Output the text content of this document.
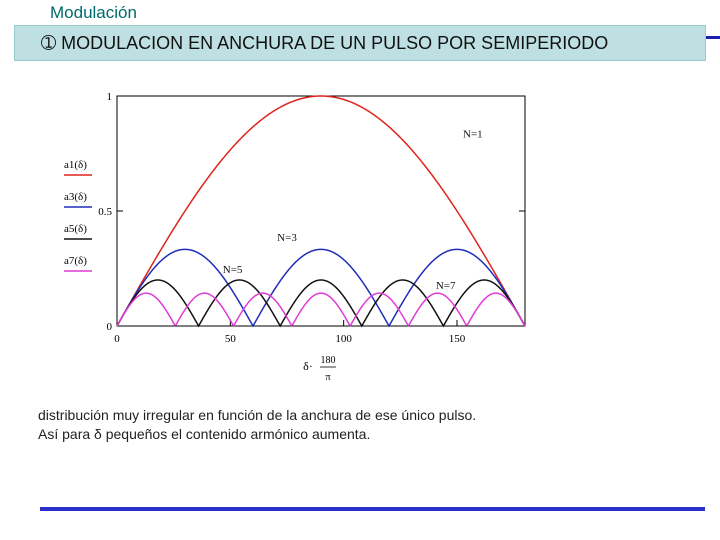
Modulación
➀ MODULACION EN ANCHURA DE UN PULSO POR SEMIPERIODO
0	50	100	150
0
0.5
1
N=1
N=3
N=5
N=7
a1(δ)
a3(δ)
a5(δ)
a7(δ)
δ· 180
π
distribución muy irregular en función de la anchura de ese único pulso.
Así para δ pequeños el contenido armónico aumenta.
